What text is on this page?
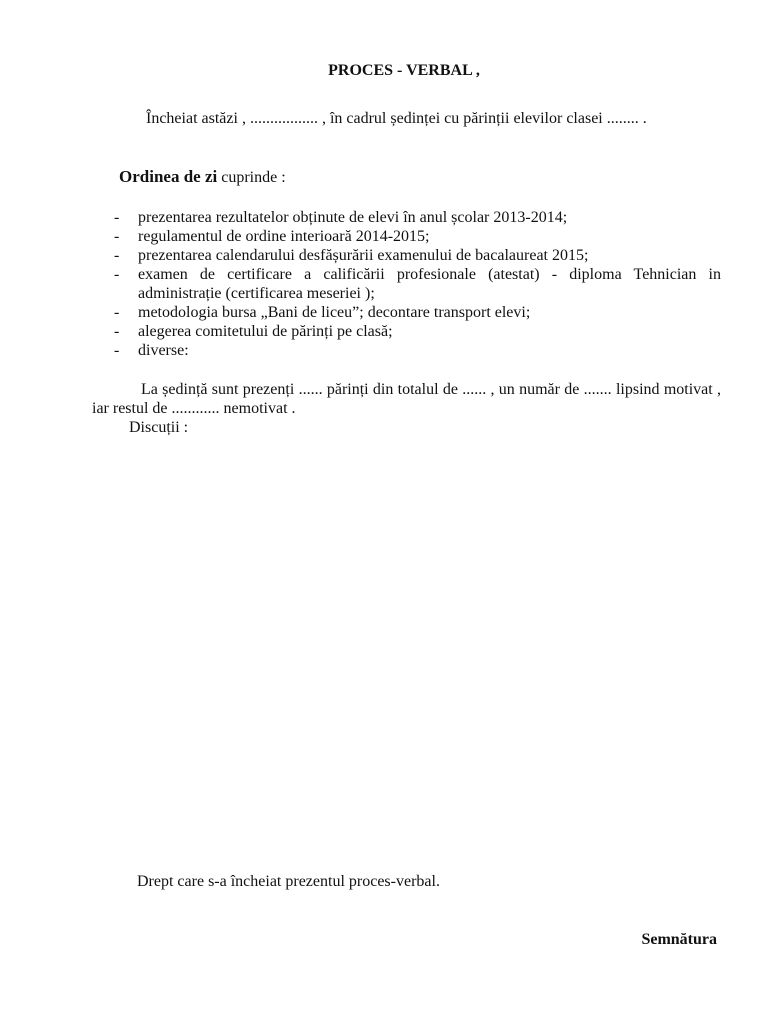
PROCES - VERBAL ,
Încheiat astăzi , ................. , în cadrul ședinței cu părinții elevilor clasei ........ .
Ordinea de zi cuprinde :
- prezentarea rezultatelor obținute de elevi în anul școlar 2013-2014;
- regulamentul de ordine interioară 2014-2015;
- prezentarea calendarului desfășurării examenului de bacalaureat 2015;
- examen de certificare a calificării profesionale (atestat) - diploma Tehnician in administrație (certificarea meseriei );
- metodologia bursa „Bani de liceu”; decontare transport elevi;
- alegerea comitetului de părinți pe clasă;
- diverse:
La ședință sunt prezenți ...... părinți din totalul de ...... , un număr de ....... lipsind motivat , iar restul de ............ nemotivat .
Discuții :
Drept care s-a încheiat prezentul proces-verbal.
Semnătura
